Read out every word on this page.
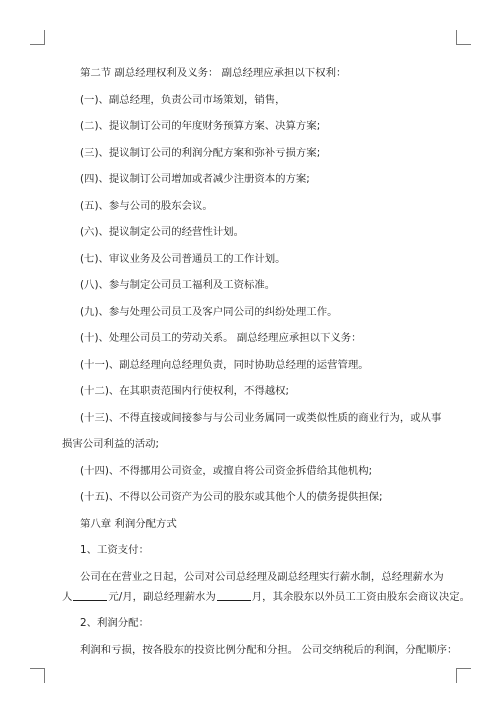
第二节 副总经理权利及义务： 副总经理应承担以下权利：

(一)、副总经理，负责公司市场策划，销售，

(二)、提议制订公司的年度财务预算方案、决算方案;

(三)、提议制订公司的利润分配方案和弥补亏损方案;

(四)、提议制订公司增加或者减少注册资本的方案;

(五)、参与公司的股东会议。

(六)、提议制定公司的经营性计划。

(七)、审议业务及公司普通员工的工作计划。

(八)、参与制定公司员工福利及工资标准。

(九)、参与处理公司员工及客户同公司的纠纷处理工作。

(十)、处理公司员工的劳动关系。 副总经理应承担以下义务：

(十一)、副总经理向总经理负责，同时协助总经理的运营管理。

(十二)、在其职责范围内行使权利，不得越权;

(十三)、不得直接或间接参与与公司业务属同一或类似性质的商业行为，或从事

损害公司利益的活动;

(十四)、不得挪用公司资金，或擅自将公司资金拆借给其他机构;

(十五)、不得以公司资产为公司的股东或其他个人的债务提供担保;

第八章 利润分配方式

1、工资支付：

公司在在营业之日起，公司对公司总经理及副总经理实行薪水制，总经理薪水为

人	元/月，副总经理薪水为	月，其余股东以外员工工资由股东会商议决定。

2、利润分配：

利润和亏损，按各股东的投资比例分配和分担。 公司交纳税后的利润，分配顺序：
